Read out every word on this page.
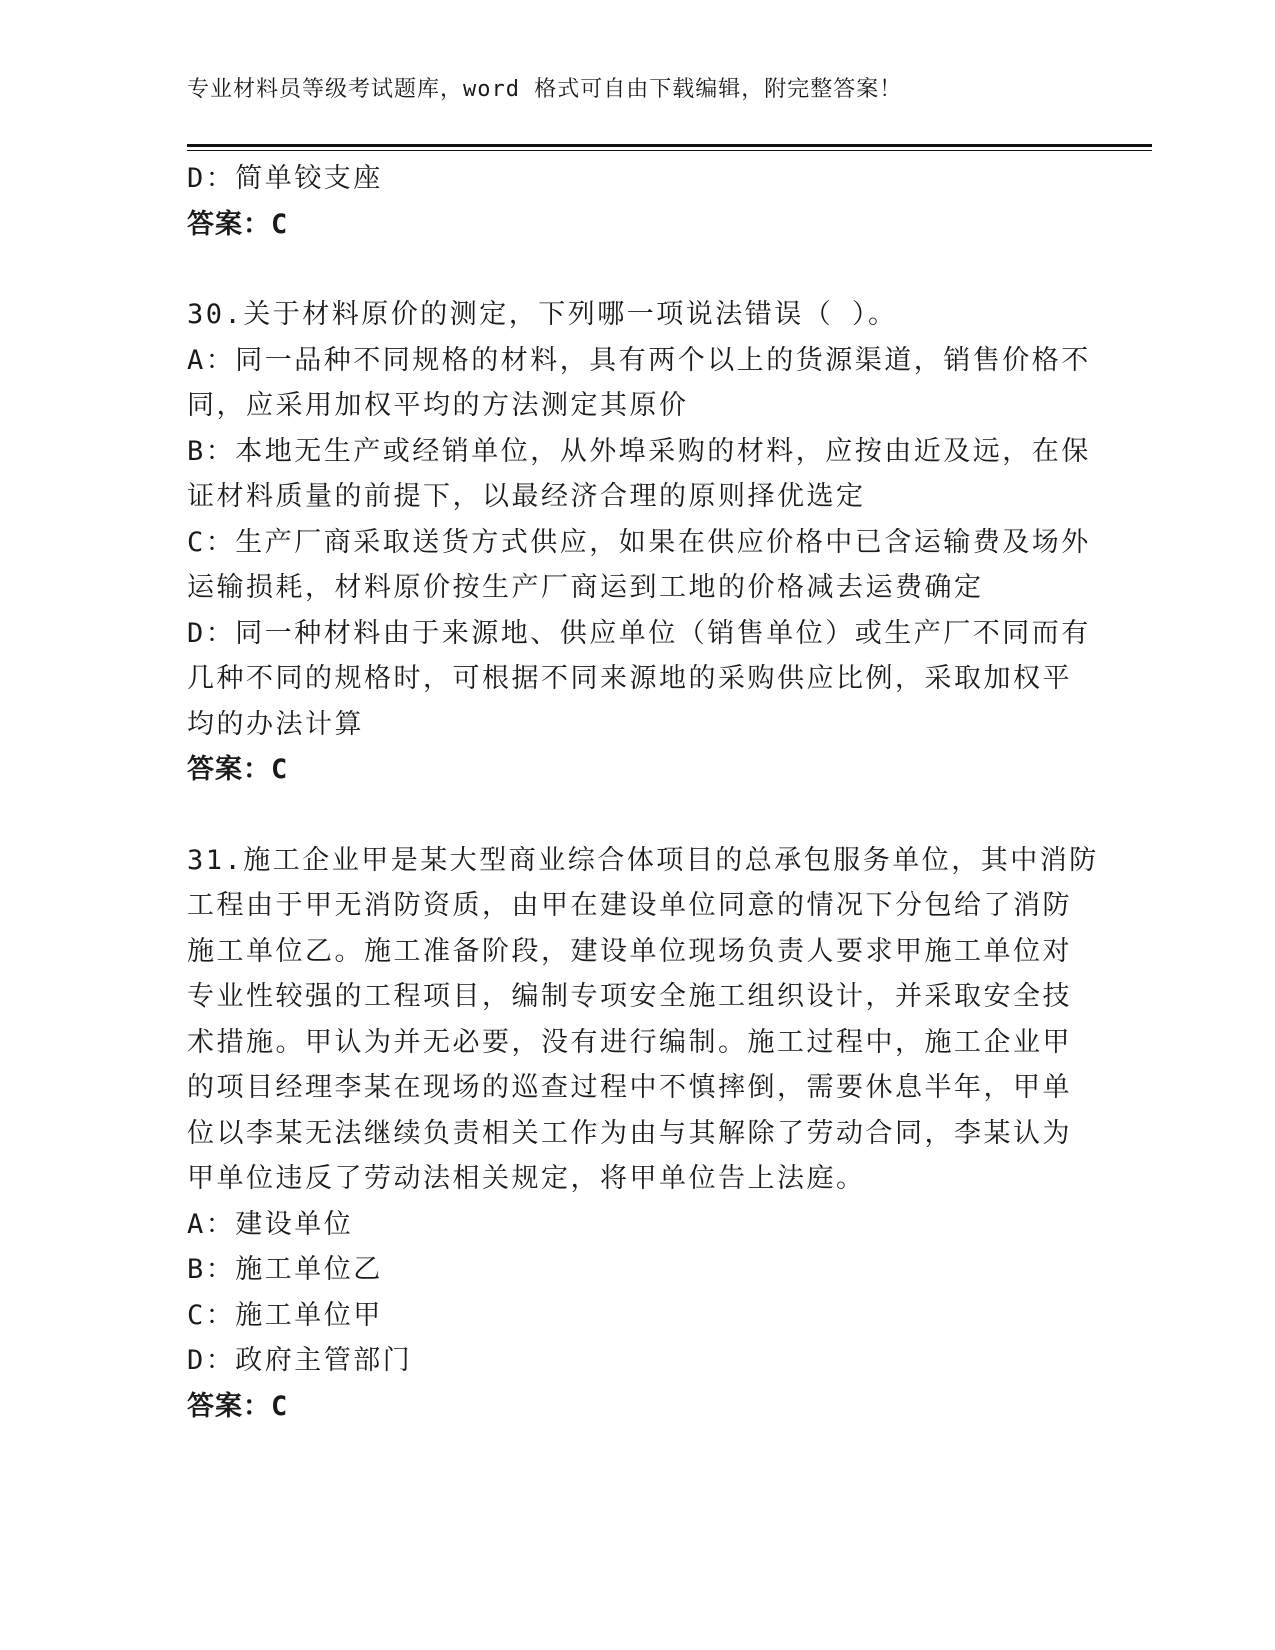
专业材料员等级考试题库，word 格式可自由下载编辑，附完整答案！
D：简单铰支座
答案：C
30.关于材料原价的测定，下列哪一项说法错误（ ）。
A：同一品种不同规格的材料，具有两个以上的货源渠道，销售价格不
同，应采用加权平均的方法测定其原价
B：本地无生产或经销单位，从外埠采购的材料，应按由近及远，在保
证材料质量的前提下，以最经济合理的原则择优选定
C：生产厂商采取送货方式供应，如果在供应价格中已含运输费及场外
运输损耗，材料原价按生产厂商运到工地的价格减去运费确定
D：同一种材料由于来源地、供应单位（销售单位）或生产厂不同而有
几种不同的规格时，可根据不同来源地的采购供应比例，采取加权平
均的办法计算
答案：C
31.施工企业甲是某大型商业综合体项目的总承包服务单位，其中消防
工程由于甲无消防资质，由甲在建设单位同意的情况下分包给了消防
施工单位乙。施工准备阶段，建设单位现场负责人要求甲施工单位对
专业性较强的工程项目，编制专项安全施工组织设计，并采取安全技
术措施。甲认为并无必要，没有进行编制。施工过程中，施工企业甲
的项目经理李某在现场的巡查过程中不慎摔倒，需要休息半年，甲单
位以李某无法继续负责相关工作为由与其解除了劳动合同，李某认为
甲单位违反了劳动法相关规定，将甲单位告上法庭。
A：建设单位
B：施工单位乙
C：施工单位甲
D：政府主管部门
答案：C
